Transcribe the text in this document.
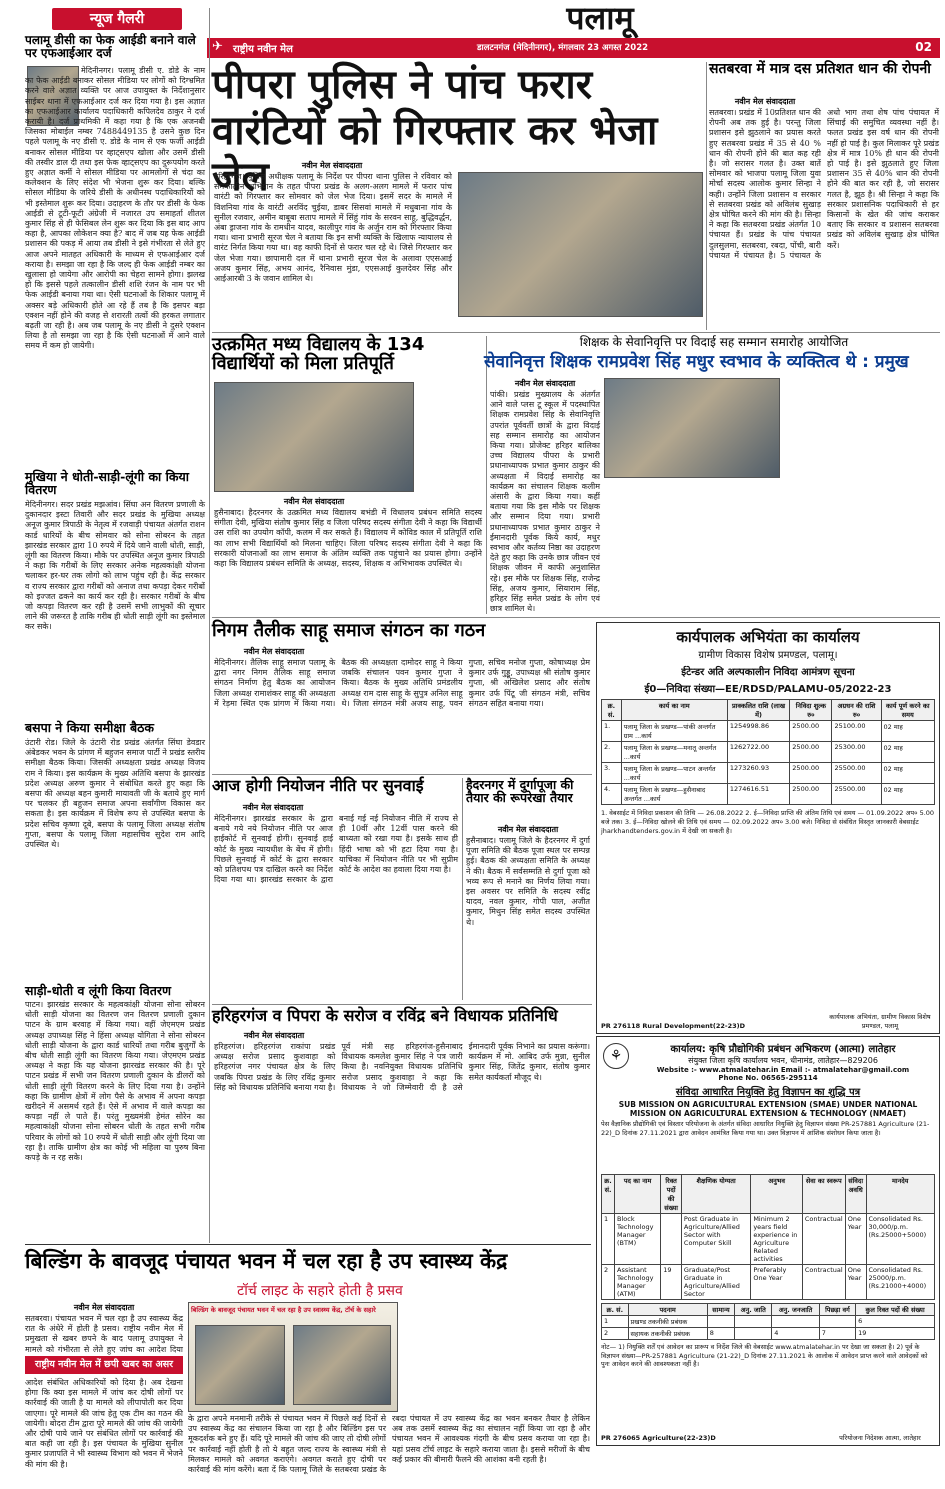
पलामू
राष्ट्रीय नवीन मेल
✈	डालटनगंज (मेदिनीनगर), मंगलवार 23 अगस्त 2022	02
न्यूज गैलरी
पलामू डीसी का फेक आईडी बनाने वाले पर एफआईआर दर्ज
मेदिनीनगर। पलामू डीसी ए. डोडे के नाम का फेक आईडी बनाकर सोसल मीडिया पर लोगों को दिग्भ्रमित करने वाले अज्ञात व्यक्ति पर आज उपायुक्त के निर्देशानुसार साईबर थाना में एफआईआर दर्ज कर दिया गया है। इस अज्ञात का एफआईआर कार्यालय पदाधिकारी कपिलदेव ठाकुर ने दर्ज करायी है। दर्ज प्राथमिकी में कहा गया है कि एक अजनबी जिसका मोबाईल नम्बर 7488449135 है उसने कुछ दिन पहले पलामू के नए डीसी ए. डोडे के नाम से एक फर्जी आईडी बनाकर सोसल मीडिया पर व्हाट्सएप खोला और उसमें डीसी की तस्वीर डाल दी तथा इस फेक व्हाट्सएप का दुरूपयोग करते हुए अज्ञात कर्मी ने सोसल मीडिया पर आमलोगों से चंदा का कलेक्शन के लिए संदेश भी भेजना शुरू कर दिया। बल्कि सोसल मीडिया के जरिये डीसी के अधीनस्थ पदाधिकारियों को भी इस्तेमाल शुरू कर दिया। उदाहरण के तौर पर डीसी के फेक आईडी से टूटी-फूटी अंग्रेजी में नजारत उप समाहर्ता शीतल कुमार सिंह से ही फेसिबल लेन शुरू कर दिया कि इस बाद आप कहा है, आपका लोकेशन क्या है? बाद में जब यह फेक आईडी प्रशासन की पकड़ में आया तब डीसी ने इसे गंभीरता से लेते हुए आज अपने मातहत अधिकारी के माध्यम से एफआईआर दर्ज कराया है। समझा जा रहा है कि जल्द ही फेक आईडी नम्बर का खुलासा हो जायेगा और आरोपी का चेहरा सामने होगा। झलख हो कि इससे पहले तत्कालीन डीसी शशि रंजन के नाम पर भी फेक आईडी बनाया गया था। ऐसी घटनाओं के शिकार पलामू में अक्सर बड़े अधिकारी होते आ रहे हैं तब है कि इसपर बड़ा एक्शन नहीं होने की वजह से शरारती तत्वों की हरकत लगातार बढ़ती जा रही है। अब जब पलामू के नए डीसी ने दुसरे एक्शन लिया है तो समझा जा रहा है कि ऐसी घटनाओं में आने वाले समय में कम हो जायेगी।
मुखिया ने धोती-साड़ी-लूंगी का किया वितरण
मेदिनीनगर। सदर प्रखंड मझआंव। सिंघा अन वितरण प्रणाली के दुकानदार इस्टा तिवारी और सदर प्रखंड के मुखिया अध्यक्ष अनूज कुमार त्रिपाठी के नेतृत्व में रजवाड़ी पंचायत अंतर्गत राशन कार्ड धारियों के बीच सोमवार को सोना सोबरन के तहत झारखंड सरकार द्वारा 10 रुपये में दिये जाने वाली धोती, साड़ी, लूंगी का वितरण किया। मौके पर उपस्थित अनूज कुमार त्रिपाठी ने कहा कि गरीबों के लिए सरकार अनेक महत्वकांक्षी योजना चलाकर हर-घर तक लोगो को लाभ पहुंच रही है। केंद्र सरकार व राज्य सरकार द्वारा गरीबों को अनाज तथा कपड़ा देकर गरीबों को इज्जत ढकने का कार्य कर रही है। सरकार गरीबों के बीच जो कपड़ा वितरण कर रही है उसमें सभी लाभुकों की सूचार लाने की जरूरत है ताकि गरीब ही धोती साड़ी लूंगी का इस्तेमाल कर सके।
बसपा ने किया समीक्षा बैठक
उंटारी रोड। जिले के उंटारी रोड प्रखंड अंतर्गत सिंघा डेवडार अंबेडकर भवन के प्रांगण में बहुजन समाज पार्टी ने प्रखंड स्तरीय समीक्षा बैठक किया। जिसकी अध्यक्षता प्रखंड अध्यक्ष विजय राम ने किया। इस कार्यक्रम के मुख्य अतिथि बसपा के झारखंड प्रदेश अध्यक्ष अरुण कुमार ने संबोधित करते हुए कहा कि बसपा की अध्यक्ष बहन कुमारी मायावती जी के बताये हुए मार्ग पर चलकर ही बहुजन समाज अपना सर्वांगीण विकास कर सकता है। इस कार्यक्रम में विशेष रूप से उपस्थित बसपा के प्रदेश सचिव कृष्णा दूबे, बसपा के पलामू जिला अध्यक्ष संतोष गुप्ता, बसपा के पलामू जिला महासचिव सुदेश राम आदि उपस्थित थे।
साड़ी-धोती व लूंगी किया वितरण
पाटन। झारखंड सरकार के महत्वकांक्षी योजना सोना सोबरन धोती साड़ी योजना का वितरण जन वितरण प्रणाली दुकान पाटन के ग्राम बरवाह में किया गया। वहीं जेएमएम प्रखंड अध्यक्ष उपाध्यक्ष सिंह ने हिंसा अध्यक्ष योगिता ने सोना सोबरन धोती साड़ी योजना के द्वारा कार्ड धारियों तथा गरीब बुजुर्गों के बीच धोती साड़ी लूंगी का वितरण किया गया। जेएमएम प्रखंड अध्यक्ष ने कहा कि यह योजना झारखंड सरकार की है। पूरे पाटन प्रखंड में सभी जन वितरण प्रणाली दुकान के डीलरों को धोती साड़ी लूंगी वितरण करने के लिए दिया गया है। उन्होंने कहा कि ग्रामीण क्षेत्रों में लोग पैसे के अभाव में अपना कपड़ा खरीदने में असमर्थ रहते हैं। ऐसे में अभाव में वाले कपड़ा का कपड़ा नहीं ले पाते हैं। परंतु मुख्यमंत्री हेमंत सोरेन का महत्वाकांक्षी योजना सोना सोबरन धोती के तहत सभी गरीब परिवार के लोगों को 10 रुपये में धोती साड़ी और लूंगी दिया जा रहा है। ताकि ग्रामीण क्षेत्र का कोई भी महिला या पुरुष बिना कपड़े के न रह सके।
पीपरा पुलिस ने पांच फरार वारंटियों को गिरफ्तार कर भेजा जेल	नवीन मेल संवाददाता
हरिहरगंज। पुलिस अधीक्षक पलामू के निर्देश पर पीपरा थाना पुलिस ने रविवार को समकालीन अभियान के तहत पीपरा प्रखंड के अलग-अलग मामले में फरार पांच वारंटी को गिरफ्तार कर सोमवार को जेल भेज दिया। इसमें सदर के मामले में विशनिया गांव के वारंटी अरविंद चुईया, डाबर सिसवां मामले में मधुबाना गांव के सुनील रजवार, अमीन बाबूबा सताप मामले में सिंहुं गांव के सरवन साहू, बुद्धिवर्द्धन, अंबा ड्राजना गांव के रामधीन यादव, कालीपुर गांव के अर्जुन राम को गिरफ्तार किया गया। थाना प्रभारी सूरज चेल ने बताया कि इन सभी व्यक्ति के खिलाफ न्यायालय से वारंट निर्गत किया गया था। वह काफी दिनों से फरार चल रहे थे। जिसे गिरफ्तार कर जेल भेजा गया। छापामारी दल में थाना प्रभारी सूरज चेल के अलावा एएसआई अजय कुमार सिंह, अभय आनंद, रैनिवास मुंडा, एएसआई कुलदेवर सिंह और आईआरबी 3 के जवान शामिल थे।
सतबरवा में मात्र दस प्रतिशत धान की रोपनी
नवीन मेल संवाददाता
सतबरवा। प्रखंड में 10प्रतिशत धान की रोपनी अब तक हुई है। परन्तु जिला प्रशासन इसे झुठलाने का प्रयास करते हुए सतबरवा प्रखंड में 35 से 40 % धान की रोपनी होने की बात कह रही है। जो सरासर गलत है। उक्त बातें सोमवार को भाजपा पलामू जिला युवा मोर्चा सदस्य आलोक कुमार सिन्हा ने कही। उन्होंने जिला प्रशासन व सरकार से सतबरवा प्रखंड को अविलंब सुखाड़ क्षेत्र घोषित करने की मांग की है। सिन्हा ने कहा कि सतबरवा प्रखंड अंतर्गत 10 पंचायत हैं। प्रखंड के पांच पंचायत दुलसुलमा, सतबरवा, रबदा, पोंची, बारी पंचायत में पंचायत है। 5 पंचायत के अधो भाग तथा शेष पांच पंचायत में सिंचाई की समुचित व्यवस्था नहीं है। फलत प्रखंड इस वर्ष धान की रोपनी नहीं हो पाई है। कुल मिलाकर पूरे प्रखंड क्षेत्र में मात्र 10% ही धान की रोपनी हो पाई है। इसे झुठलाते हुए जिला प्रशासन 35 से 40% धान की रोपनी होने की बात कर रही है, जो सरासर गलत है, झूठ है। श्री सिन्हा ने कहा कि सरकार प्रशासनिक पदाधिकारी से हर किसानों के खेत की जांच कराकर बताए कि सरकार व प्रशासन सतबरवा प्रखंड को अविलंब सुखाड़ क्षेत्र घोषित करें।
उत्क्रमित मध्य विद्यालय के 134 विद्यार्थियों को मिला प्रतिपूर्ति
नवीन मेल संवाददाता
हुसैनाबाद। हैदरनगर के उत्क्रमित मध्य विद्यालय बभंडी में विधालय प्रबंधन समिति सदस्य संगीता देवी, मुखिया संतोष कुमार सिंह व जिला परिषद सदस्य संगीता देवी ने कहा कि विद्यार्थी उस राशि का उपयोग कॉपी, कलम में कर सकते हैं। विद्यालय में कोविड काल में प्रतिपूर्ति राशि का लाभ सभी विद्यार्थियों को मिलना चाहिए। जिला परिषद सदस्य संगीता देवी ने कहा कि सरकारी योजनाओं का लाभ समाज के अंतिम व्यक्ति तक पहुंचाने का प्रयास होगा। उन्होंने कहा कि विद्यालय प्रबंधन समिति के अध्यक्ष, सदस्य, शिक्षक व अभिभावक उपस्थित थे।
शिक्षक के सेवानिवृत्ति पर विदाई सह सम्मान समारोह आयोजित
सेवानिवृत्त शिक्षक रामप्रवेश सिंह मधुर स्वभाव के व्यक्तित्व थे : प्रमुख
नवीन मेल संवाददाता
पांकी। प्रखंड मुख्यालय के अंतर्गत आने वाले प्लस टू स्कूल में पदस्थापित शिक्षक रामप्रवेश सिंह के सेवानिवृत्ति उपरांत पूर्ववर्ती छात्रों के द्वारा विदाई सह सम्मान समारोह का आयोजन किया गया। प्रोजेक्ट हरिहर बालिका उच्च विद्यालय पीपरा के प्रभारी प्रधानाध्यापक प्रभात कुमार ठाकुर की अध्यक्षता में विदाई समारोह का कार्यक्रम का संचालन शिक्षक कलीम अंसारी के द्वारा किया गया। कहीं बताया गया कि इस मौके पर शिक्षक और सम्मान दिया गया। प्रभारी प्रधानाध्यापक प्रभात कुमार ठाकुर ने ईमानदारी पूर्वक किये कार्य, मधुर स्वभाव और कर्तव्य निष्ठा का उदाहरण देते हुए कहा कि उनके छात्र जीवन एवं शिक्षक जीवन में काफी अनुशासित रहे। इस मौके पर शिक्षक सिंह, राजेन्द्र सिंह, अजय कुमार, सियाराम सिंह, हरिहर सिंह समेत प्रखंड के लोग एवं छात्र शामिल थे।
निगम तैलीक साहू समाज संगठन का गठन
नवीन मेल संवाददाता
मेदिनीनगर। तैलिक साहू समाज पलामू के द्वारा नगर निगम तैलिक साहू समाज संगठन निर्माण हेतु बैठक का आयोजन जिला अध्यक्ष रामाशंकर साहू की अध्यक्षता में रेड़मा स्थित एक प्रांगण में किया गया। बैठक की अध्यक्षता दामोदर साहू ने किया जबकि संचालन पवन कुमार गुप्ता ने किया। बैठक के मुख्य अतिथि प्रमंडलीय अध्यक्ष राम दास साहू के सुपुत्र अनिल साहू थे। जिला संगठन मंत्री अजय साहू, पवन गुप्ता, सचिव मनोज गुप्ता, कोषाध्यक्ष प्रेम कुमार उर्फ गुड्डू, उपाध्यक्ष श्री संतोष कुमार गुप्ता, श्री अखिलेश प्रसाद और संतोष कुमार उर्फ पिंटू जी संगठन मंत्री, सचिव संगठन सहित बनाया गया।
आज होगी नियोजन नीति पर सुनवाई
नवीन मेल संवाददाता
मेदिनीनगर। झारखंड सरकार के द्वारा बनाये गये नये नियोजन नीति पर आज हाईकोर्ट में सुनवाई होगी। सुनवाई हाई कोर्ट के मुख्य न्यायधीश के बेंच में होगी। पिछले सुनवाई में कोर्ट के द्वारा सरकार को प्रतिशपथ पत्र दाखिल करने का निर्देश दिया गया था। झारखंड सरकार के द्वारा बनाई गई नई नियोजन नीति में राज्य से ही 10वीं और 12वीं पास करने की बाध्यता को रखा गया है। इसके साथ ही हिंदी भाषा को भी हटा दिया गया है। याचिका में नियोजन नीति पर भी सुप्रीम कोर्ट के आदेश का हवाला दिया गया है।
हैदरनगर में दुर्गापूजा की तैयार की रूपरेखा तैयार
नवीन मेल संवाददाता
हुसैनाबाद। पलामू जिले के हैदरनगर में दुर्गा पूजा समिति की बैठक पूजा स्थल पर सम्पन्न हुई। बैठक की अध्यक्षता समिति के अध्यक्ष ने की। बैठक में सर्वसम्मति से दुर्गा पूजा को भव्य रूप से मनाने का निर्णय लिया गया। इस अवसर पर समिति के सदस्य रवींद्र यादव, नवल कुमार, गोपी पाल, अजीत कुमार, मिथुन सिंह समेत सदस्य उपस्थित थे।
हरिहरगंज व पिपरा के सरोज व रविंद्र बने विधायक प्रतिनिधि
नवीन मेल संवाददाता
हरिहरगंज। हरिहरगंज राकांपा प्रखंड अध्यक्ष सरोज प्रसाद कुशवाहा को हरिहरगंज नगर पंचायत क्षेत्र के लिए जबकि पिपरा प्रखंड के लिए रविंद्र कुमार सिंह को विधायक प्रतिनिधि बनाया गया है। पूर्व मंत्री सह हरिहरगंज-हुसैनाबाद विधायक कमलेश कुमार सिंह ने पत्र जारी किया है। नवनियुक्त विधायक प्रतिनिधि सरोज प्रसाद कुशवाहा ने कहा कि विधायक ने जो जिम्मेवारी दी है उसे ईमानदारी पूर्वक निभाने का प्रयास करूंगा। कार्यक्रम में मो. आबिद उर्फ मुन्ना, सुनील कुमार सिंह, जितेंद्र कुमार, संतोष कुमार समेत कार्यकर्ता मौजूद थे।
कार्यपालक अभियंता का कार्यालय
ग्रामीण विकास विशेष प्रमण्डल, पलामू।
ईटेन्डर अति अल्पकालीन निविदा आमंत्रण सूचना
ई0—निविदा संख्या—EE/RDSD/PALAMU-05/2022-23
क्र. सं.	कार्य का नाम	प्राक्कलित राशि (लाख में)	निविदा शुल्क रु०	अग्रधन की राशि रु०	कार्य पूर्ण करने का समय
1.	पलामू जिला के प्रखण्ड—पांकी अन्तर्गत ग्राम ...कार्य	1254998.86	2500.00	25100.00	02 माह
2.	पलामू जिला के प्रखण्ड—मनातू अन्तर्गत ...कार्य	1262722.00	2500.00	25300.00	02 माह
3.	पलामू जिला के प्रखण्ड—पाटन अन्तर्गत ...कार्य	1273260.93	2500.00	25500.00	02 माह
4.	पलामू जिला के प्रखण्ड—हुसैनाबाद अन्तर्गत ...कार्य	1274616.51	2500.00	25500.00	02 माह
1. वेबसाईट में निविदा प्रकाशन की तिथि — 26.08.2022 2. ई—निविदा प्राप्ति की अंतिम तिथि एवं समय — 01.09.2022 अप० 5.00 बजे तक। 3. ई—निविदा खोलने की तिथि एवं समय — 02.09.2022 अप० 3.00 बजे। निविदा से संबंधित विस्तृत जानकारी वेबसाईट jharkhandtenders.gov.in में देखी जा सकती है।
PR 276118 Rural Development(22-23)D
कार्यपालक अभियंता, ग्रामीण विकास विशेष प्रमण्डल, पलामू
⚘	कार्यालय: कृषि प्रौद्योगिकी प्रबंधन अभिकरण (आत्मा) लातेहार
संयुक्त जिला कृषि कार्यालय भवन, धीनामंड, लातेहार—829206
Website :- www.atmalatehar.in Email :- atmalatehar@gmail.com
Phone No. 06565-295114
संविदा आधारित नियुक्ति हेतु विज्ञापन का शुद्धि पत्र
SUB MISSION ON AGRICULTURAL EXTENSION (SMAE) UNDER NATIONAL MISSION ON AGRICULTURAL EXTENSION & TECHNOLOGY (NMAET)
पेस वैज्ञानिक प्रौद्योगिकी एवं विस्तार परियोजना के अंतर्गत संविदा आधारित नियुक्ति हेतु विज्ञापन संख्या PR-257881 Agriculture (21-22)_D दिनांक 27.11.2021 द्वारा आवेदन आमंत्रित किया गया था। उक्त विज्ञापन में आंशिक संशोधन किया जाता है।
क्र. सं.	पद का नाम	रिक्त पदों की संख्या	शैक्षणिक योग्यता	अनुभव	सेवा का स्वरूप	संविदा अवधि	मानदेय
1	Block Technology Manager (BTM)		Post Graduate in Agriculture/Allied Sector with Computer Skill	Minimum 2 years field experience in Agriculture Related activities	Contractual	One Year	Consolidated Rs. 30,000/p.m. (Rs.25000+5000)
2	Assistant Technology Manager (ATM)	19	Graduate/Post Graduate in Agriculture/Allied Sector	Preferably One Year	Contractual	One Year	Consolidated Rs. 25000/p.m. (Rs.21000+4000)
क्र. सं.	पदनाम	सामान्य	अनु. जाति	अनु. जनजाति	पिछड़ा वर्ग	कुल रिक्त पदों की संख्या
1	प्रखण्ड तकनीकी प्रबंधक					6
2	सहायक तकनीकी प्रबंधक	8		4	7	19
नोट— 1) नियुक्ति शर्तें एवं आवेदन का प्रारूप व निर्देश जिले की वेबसाईट www.atmalatehar.in पर देखा जा सकता है। 2) पूर्व के विज्ञापन संख्या—PR-257881 Agriculture (21-22)_D दिनांक 27.11.2021 के आलोक में आवेदन प्राप्त करने वाले आवेदकों को पुनः आवेदन करने की आवश्यकता नहीं है।
PR 276065 Agriculture(22-23)D	परियोजना निदेशक आत्मा, लातेहार
बिल्डिंग के बावजूद पंचायत भवन में चल रहा है उप स्वास्थ्य केंद्र
टॉर्च लाइट के सहारे होती है प्रसव
नवीन मेल संवाददाता
सतबरवा। पंचायत भवन में चल रहा है उप स्वास्थ्य केंद्र रात के अंधेरे में होती है प्रसव। राष्ट्रीय नवीन मेल में प्रमुखता से खबर छपने के बाद पलामू उपायुक्त ने मामले को गंभीरता से लेते हुए जांच का आदेश दिया
राष्ट्रीय नवीन मेल में छपी खबर का असर
आदेश संबंधित अधिकारियों को दिया है। अब देखना होगा कि क्या इस मामले में जांच कर दोषी लोगों पर कार्रवाई की जाती है या मामले को लीपापोती कर दिया जाएगा। पूरे मामले की जांच हेतु एक टीम का गठन की जायेगी। बोदरा टीम द्वारा पूरे मामले की जांच की जायेगी और दोषी पाये जाने पर संबंधित लोगों पर कार्रवाई की बात कही जा रही है। इस पंचायत के मुखिया सुनील कुमार प्रजापति ने भी स्वास्थ्य विभाग को भवन में भेजने की मांग की है।
बिल्डिंग के बावजूद पंचायत भवन में चल रहा है उप स्वास्थ्य केंद्र, टॉर्च के सहारे
के द्वारा अपने मनमानी तरीके से पंचायत भवन में पिछले कई दिनों से उप स्वास्थ्य केंद्र का संचालन किया जा रहा है और बिल्डिंग इस पर मूकदर्शक बने हुए हैं। यदि पूरे मामले की जांच की जाए तो दोषी लोगों पर कार्रवाई नहीं होती है तो ये बहुत जल्द राज्य के स्वास्थ्य मंत्री से मिलकर मामले को अवगत कराएंगे। अवगत कराते हुए दोषी पर कार्रवाई की मांग करेंगे। बता दें कि पलामू जिले के सतबरवा प्रखंड के रबदा पंचायत में उप स्वास्थ्य केंद्र का भवन बनकर तैयार है लेकिन अब तक उसमें स्वास्थ्य केंद्र का संचालन नहीं किया जा रहा है और पंचायत भवन में आवश्यक गंदगी के बीच प्रसव कराया जा रहा है। यहां प्रसव टॉर्च लाइट के सहारे कराया जाता है। इससे मरीजों के बीच कई प्रकार की बीमारी फैलने की आशंका बनी रहती है।
